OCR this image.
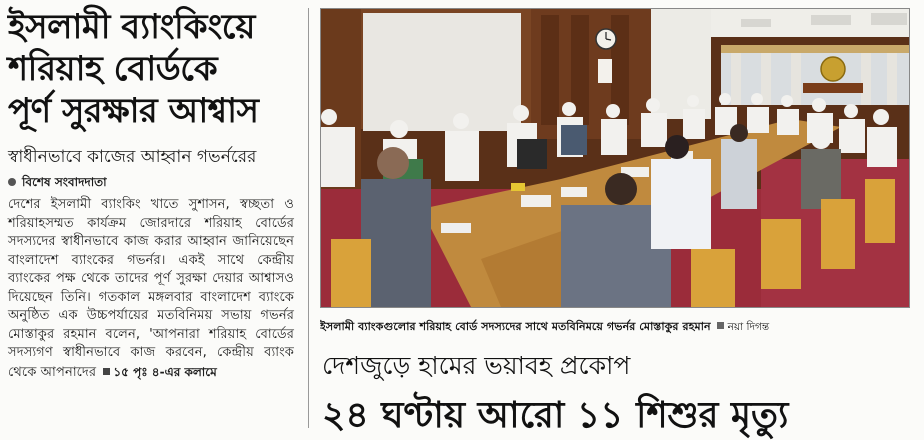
ইসলামী ব্যাংকিংয়ে
শরিয়াহ বোর্ডকে
পূর্ণ সুরক্ষার আশ্বাস
স্বাধীনভাবে কাজের আহ্বান গভর্নরের
বিশেষ সংবাদদাতা

দেশের ইসলামী ব্যাংকিং খাতে সুশাসন, স্বচ্ছতা ও শরিয়াহসম্মত কার্যক্রম জোরদারে শরিয়াহ বোর্ডের সদস্যদের স্বাধীনভাবে কাজ করার আহ্বান জানিয়েছেন বাংলাদেশ ব্যাংকের গভর্নর। একই সাথে কেন্দ্রীয় ব্যাংকের পক্ষ থেকে তাদের পূর্ণ সুরক্ষা দেয়ার আশ্বাসও দিয়েছেন তিনি। গতকাল মঙ্গলবার বাংলাদেশ ব্যাংকে অনুষ্ঠিত এক উচ্চপর্যায়ের মতবিনিময় সভায় গভর্নর মোস্তাকুর রহমান বলেন, 'আপনারা শরিয়াহ বোর্ডের সদস্যগণ স্বাধীনভাবে কাজ করবেন, কেন্দ্রীয় ব্যাংক থেকে আপনাদের ১৫ পৃঃ ৪-এর কলামে

ইসলামী ব্যাংকগুলোর শরিয়াহ বোর্ড সদস্যদের সাথে মতবিনিময়ে গভর্নর মোস্তাকুর রহমান নয়া দিগন্ত
দেশজুড়ে হামের ভয়াবহ প্রকোপ
২৪ ঘণ্টায় আরো ১১ শিশুর মৃত্যু
